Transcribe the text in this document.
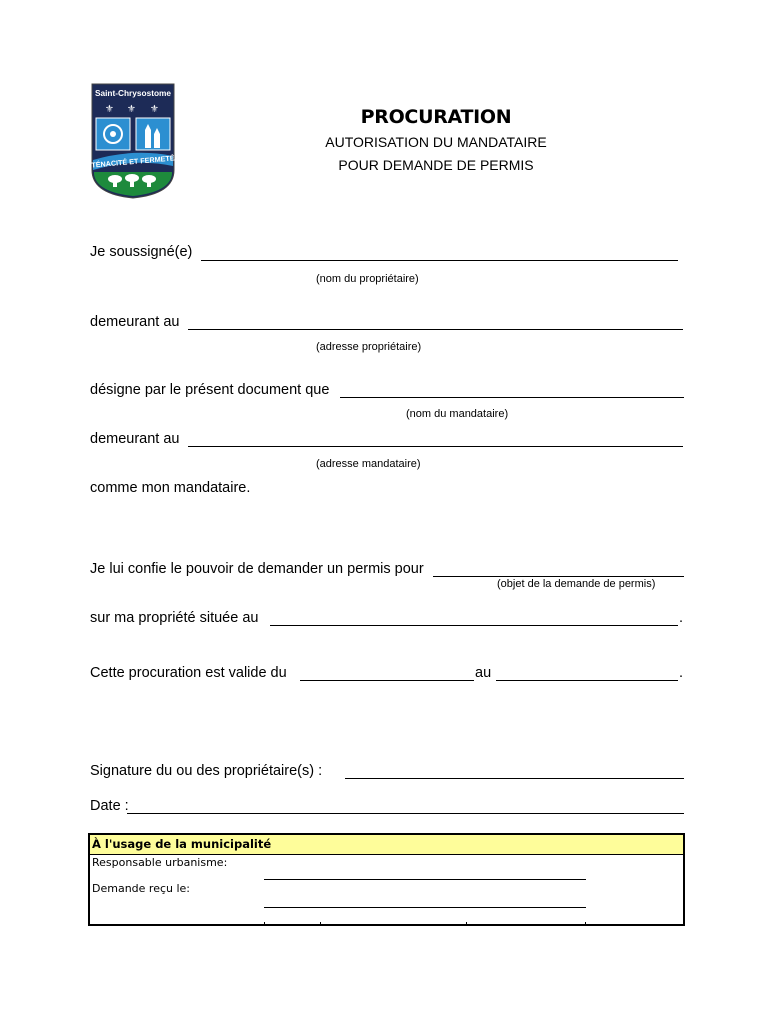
Saint-Chrysostome
⚜ ⚜ ⚜
TÉNACITÉ ET FERMETÉ
PROCURATION
AUTORISATION DU MANDATAIRE
POUR DEMANDE DE PERMIS
Je soussigné(e)
(nom du propriétaire)
demeurant au
(adresse propriétaire)
désigne par le présent document que
(nom du mandataire)
demeurant au
(adresse mandataire)
comme mon mandataire.
Je lui confie le pouvoir de demander un permis pour
(objet de la demande de permis)
sur ma propriété située au	.
Cette procuration est valide du	au	.
Signature du ou des propriétaire(s) :
Date :
À l'usage de la municipalité
Responsable urbanisme:
Demande reçu le:
